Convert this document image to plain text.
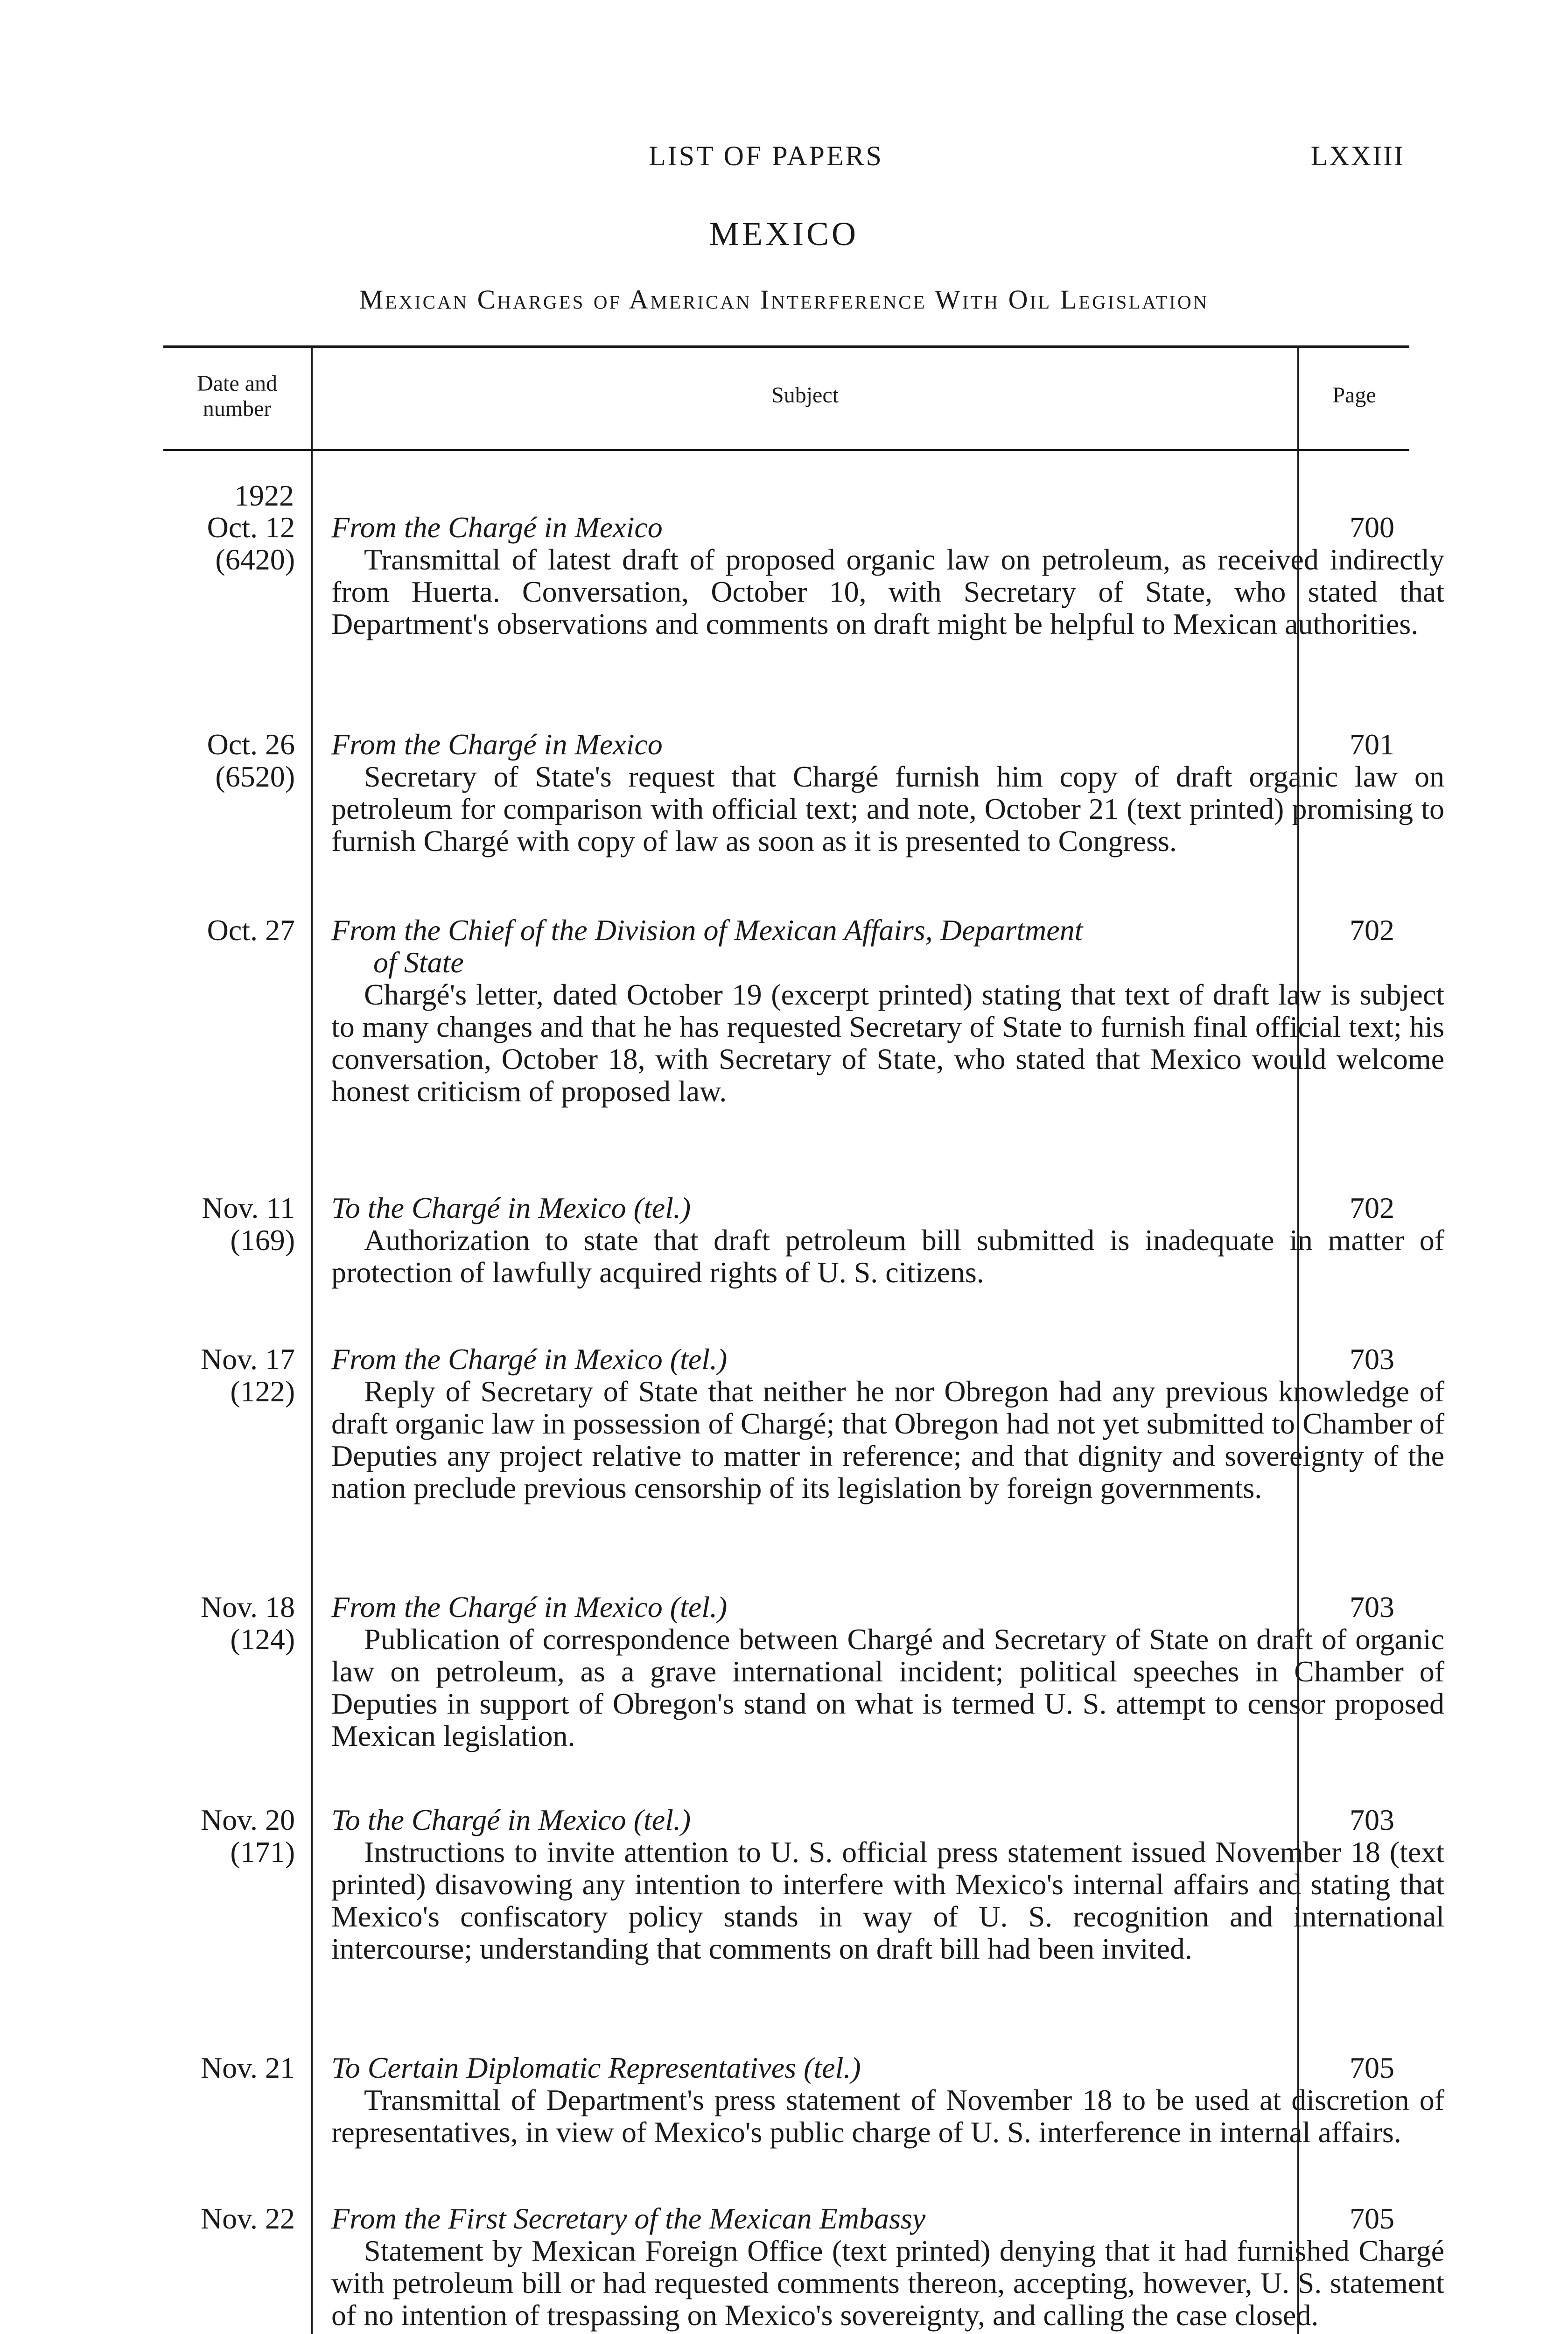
LIST OF PAPERS	LXXIII
MEXICO
Mexican Charges of American Interference With Oil Legislation
Date and number
Subject	Page
1922
Oct. 12
(6420)
From the Chargé in Mexico
Transmittal of latest draft of proposed organic law on petroleum, as received indirectly from Huerta. Conversation, October 10, with Secretary of State, who stated that Department's observations and comments on draft might be helpful to Mexican authorities.
700
Oct. 26
(6520)
From the Chargé in Mexico
Secretary of State's request that Chargé furnish him copy of draft organic law on petroleum for comparison with official text; and note, October 21 (text printed) promising to furnish Chargé with copy of law as soon as it is presented to Congress.
701
Oct. 27 From the Chief of the Division of Mexican Affairs, Department
of State
Chargé's letter, dated October 19 (excerpt printed) stating that text of draft law is subject to many changes and that he has requested Secretary of State to furnish final official text; his conversation, October 18, with Secretary of State, who stated that Mexico would welcome honest criticism of proposed law.
702
Nov. 11
(169)
To the Chargé in Mexico (tel.)
Authorization to state that draft petroleum bill submitted is inadequate in matter of protection of lawfully acquired rights of U. S. citizens.
702
Nov. 17
(122)
From the Chargé in Mexico (tel.)
Reply of Secretary of State that neither he nor Obregon had any previous knowledge of draft organic law in possession of Chargé; that Obregon had not yet submitted to Chamber of Deputies any project relative to matter in reference; and that dignity and sovereignty of the nation preclude previous censorship of its legislation by foreign governments.
703
Nov. 18
(124)
From the Chargé in Mexico (tel.)
Publication of correspondence between Chargé and Secretary of State on draft of organic law on petroleum, as a grave international incident; political speeches in Chamber of Deputies in support of Obregon's stand on what is termed U. S. attempt to censor proposed Mexican legislation.
703
Nov. 20
(171)
To the Chargé in Mexico (tel.)
Instructions to invite attention to U. S. official press statement issued November 18 (text printed) disavowing any intention to interfere with Mexico's internal affairs and stating that Mexico's confiscatory policy stands in way of U. S. recognition and international intercourse; understanding that comments on draft bill had been invited.
703
Nov. 21 To Certain Diplomatic Representatives (tel.)
Transmittal of Department's press statement of November 18 to be used at discretion of representatives, in view of Mexico's public charge of U. S. interference in internal affairs.
705
Nov. 22 From the First Secretary of the Mexican Embassy
Statement by Mexican Foreign Office (text printed) denying that it had furnished Chargé with petroleum bill or had requested comments thereon, accepting, however, U. S. statement of no intention of trespassing on Mexico's sovereignty, and calling the case closed.
705
